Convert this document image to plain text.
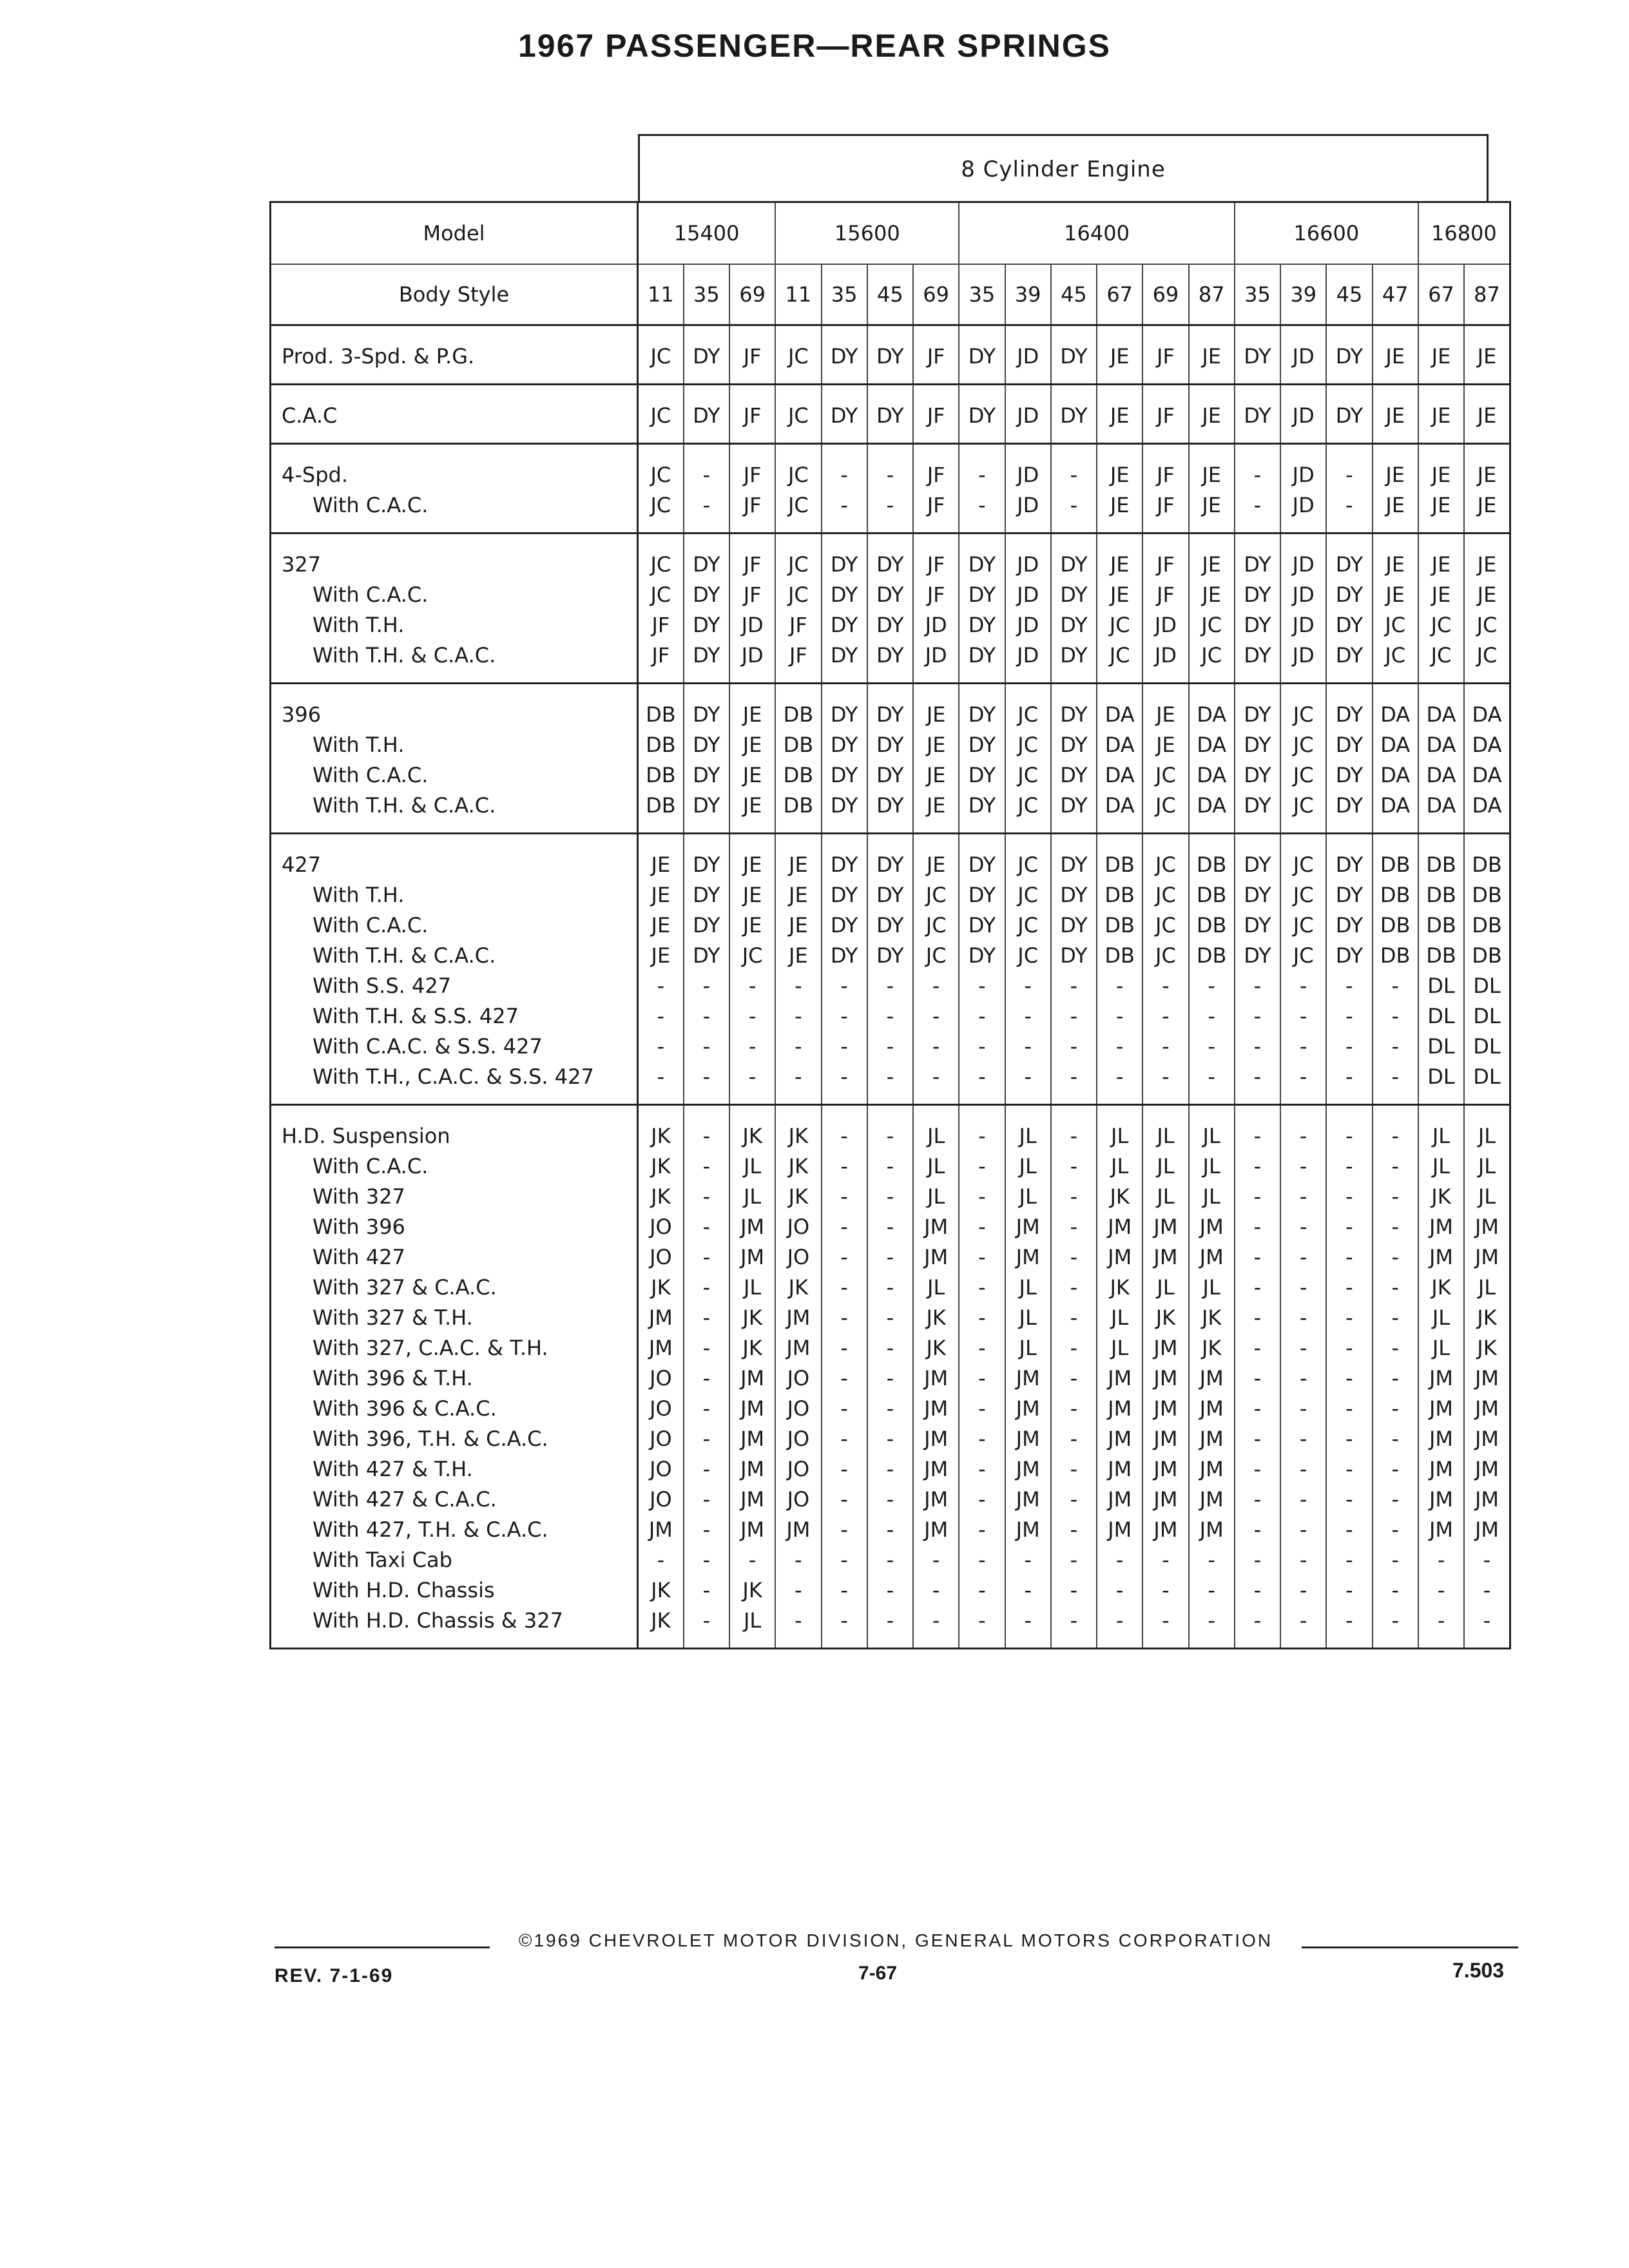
1967 PASSENGER—REAR SPRINGS
8 Cylinder Engine
Model	15400			15600				16400						16600				16800	
Body Style	11	35	69	11	35	45	69	35	39	45	67	69	87	35	39	45	47	67	87
Prod. 3-Spd. & P.G.	JC	DY	JF	JC	DY	DY	JF	DY	JD	DY	JE	JF	JE	DY	JD	DY	JE	JE	JE
C.A.C	JC	DY	JF	JC	DY	DY	JF	DY	JD	DY	JE	JF	JE	DY	JD	DY	JE	JE	JE
4-Spd.	JC	-	JF	JC	-	-	JF	-	JD	-	JE	JF	JE	-	JD	-	JE	JE	JE
With C.A.C.	JC	-	JF	JC	-	-	JF	-	JD	-	JE	JF	JE	-	JD	-	JE	JE	JE
327	JC	DY	JF	JC	DY	DY	JF	DY	JD	DY	JE	JF	JE	DY	JD	DY	JE	JE	JE
With C.A.C.	JC	DY	JF	JC	DY	DY	JF	DY	JD	DY	JE	JF	JE	DY	JD	DY	JE	JE	JE
With T.H.	JF	DY	JD	JF	DY	DY	JD	DY	JD	DY	JC	JD	JC	DY	JD	DY	JC	JC	JC
With T.H. & C.A.C.	JF	DY	JD	JF	DY	DY	JD	DY	JD	DY	JC	JD	JC	DY	JD	DY	JC	JC	JC
396	DB	DY	JE	DB	DY	DY	JE	DY	JC	DY	DA	JE	DA	DY	JC	DY	DA	DA	DA
With T.H.	DB	DY	JE	DB	DY	DY	JE	DY	JC	DY	DA	JE	DA	DY	JC	DY	DA	DA	DA
With C.A.C.	DB	DY	JE	DB	DY	DY	JE	DY	JC	DY	DA	JC	DA	DY	JC	DY	DA	DA	DA
With T.H. & C.A.C.	DB	DY	JE	DB	DY	DY	JE	DY	JC	DY	DA	JC	DA	DY	JC	DY	DA	DA	DA
427	JE	DY	JE	JE	DY	DY	JE	DY	JC	DY	DB	JC	DB	DY	JC	DY	DB	DB	DB
With T.H.	JE	DY	JE	JE	DY	DY	JC	DY	JC	DY	DB	JC	DB	DY	JC	DY	DB	DB	DB
With C.A.C.	JE	DY	JE	JE	DY	DY	JC	DY	JC	DY	DB	JC	DB	DY	JC	DY	DB	DB	DB
With T.H. & C.A.C.	JE	DY	JC	JE	DY	DY	JC	DY	JC	DY	DB	JC	DB	DY	JC	DY	DB	DB	DB
With S.S. 427	-	-	-	-	-	-	-	-	-	-	-	-	-	-	-	-	-	DL	DL
With T.H. & S.S. 427	-	-	-	-	-	-	-	-	-	-	-	-	-	-	-	-	-	DL	DL
With C.A.C. & S.S. 427	-	-	-	-	-	-	-	-	-	-	-	-	-	-	-	-	-	DL	DL
With T.H., C.A.C. & S.S. 427	-	-	-	-	-	-	-	-	-	-	-	-	-	-	-	-	-	DL	DL
H.D. Suspension	JK	-	JK	JK	-	-	JL	-	JL	-	JL	JL	JL	-	-	-	-	JL	JL
With C.A.C.	JK	-	JL	JK	-	-	JL	-	JL	-	JL	JL	JL	-	-	-	-	JL	JL
With 327	JK	-	JL	JK	-	-	JL	-	JL	-	JK	JL	JL	-	-	-	-	JK	JL
With 396	JO	-	JM	JO	-	-	JM	-	JM	-	JM	JM	JM	-	-	-	-	JM	JM
With 427	JO	-	JM	JO	-	-	JM	-	JM	-	JM	JM	JM	-	-	-	-	JM	JM
With 327 & C.A.C.	JK	-	JL	JK	-	-	JL	-	JL	-	JK	JL	JL	-	-	-	-	JK	JL
With 327 & T.H.	JM	-	JK	JM	-	-	JK	-	JL	-	JL	JK	JK	-	-	-	-	JL	JK
With 327, C.A.C. & T.H.	JM	-	JK	JM	-	-	JK	-	JL	-	JL	JM	JK	-	-	-	-	JL	JK
With 396 & T.H.	JO	-	JM	JO	-	-	JM	-	JM	-	JM	JM	JM	-	-	-	-	JM	JM
With 396 & C.A.C.	JO	-	JM	JO	-	-	JM	-	JM	-	JM	JM	JM	-	-	-	-	JM	JM
With 396, T.H. & C.A.C.	JO	-	JM	JO	-	-	JM	-	JM	-	JM	JM	JM	-	-	-	-	JM	JM
With 427 & T.H.	JO	-	JM	JO	-	-	JM	-	JM	-	JM	JM	JM	-	-	-	-	JM	JM
With 427 & C.A.C.	JO	-	JM	JO	-	-	JM	-	JM	-	JM	JM	JM	-	-	-	-	JM	JM
With 427, T.H. & C.A.C.	JM	-	JM	JM	-	-	JM	-	JM	-	JM	JM	JM	-	-	-	-	JM	JM
With Taxi Cab	-	-	-	-	-	-	-	-	-	-	-	-	-	-	-	-	-	-	-
With H.D. Chassis	JK	-	JK	-	-	-	-	-	-	-	-	-	-	-	-	-	-	-	-
With H.D. Chassis & 327	JK	-	JL	-	-	-	-	-	-	-	-	-	-	-	-	-	-	-	-
©1969 CHEVROLET MOTOR DIVISION, GENERAL MOTORS CORPORATION
REV. 7-1-69	7-67	7.503
